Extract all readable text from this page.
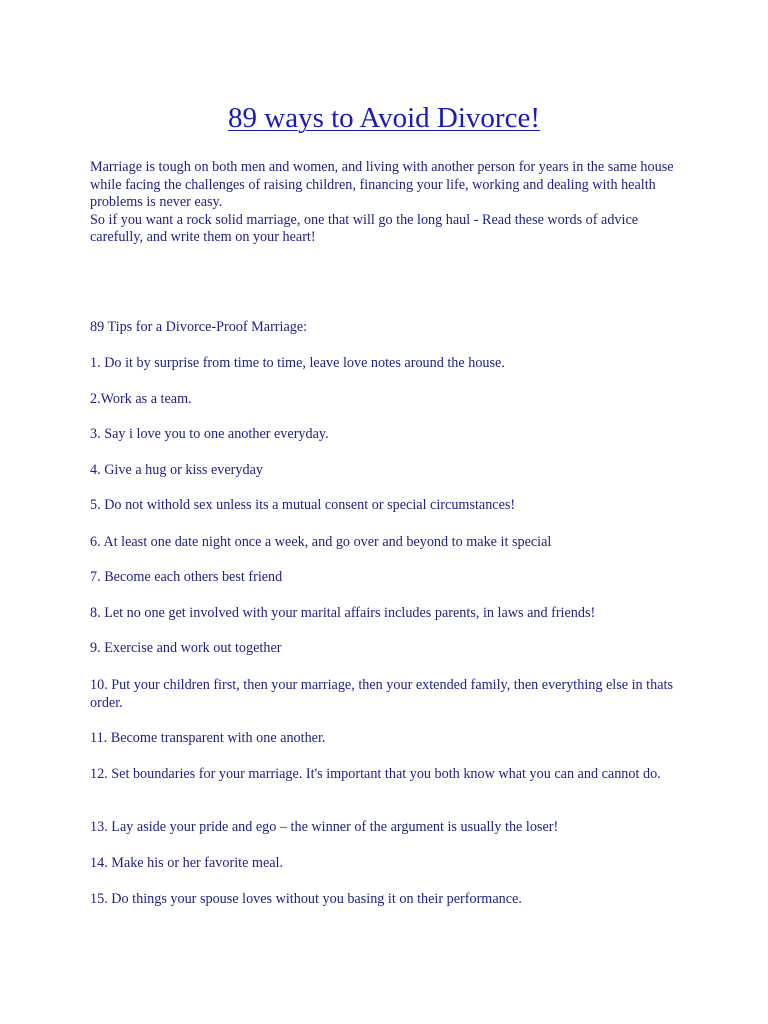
89 ways to Avoid Divorce!

Marriage is tough on both men and women, and living with another person for years in the same house while facing the challenges of raising children, financing your life, working and dealing with health problems is never easy.

So if you want a rock solid marriage, one that will go the long haul - Read these words of advice carefully, and write them on your heart!

89 Tips for a Divorce-Proof Marriage:

1. Do it by surprise from time to time, leave love notes around the house.
2.Work as a team.
3. Say i love you to one another everyday.
4. Give a hug or kiss everyday
5. Do not withold sex unless its a mutual consent or special circumstances!
6. At least one date night once a week, and go over and beyond to make it special
7. Become each others best friend
8. Let no one get involved with your marital affairs includes parents, in laws and friends!
9. Exercise and work out together
10. Put your children first, then your marriage, then your extended family, then everything else in thats order.
11. Become transparent with one another.
12. Set boundaries for your marriage. It's important that you both know what you can and cannot do.
13. Lay aside your pride and ego – the winner of the argument is usually the loser!
14. Make his or her favorite meal.
15. Do things your spouse loves without you basing it on their performance.
